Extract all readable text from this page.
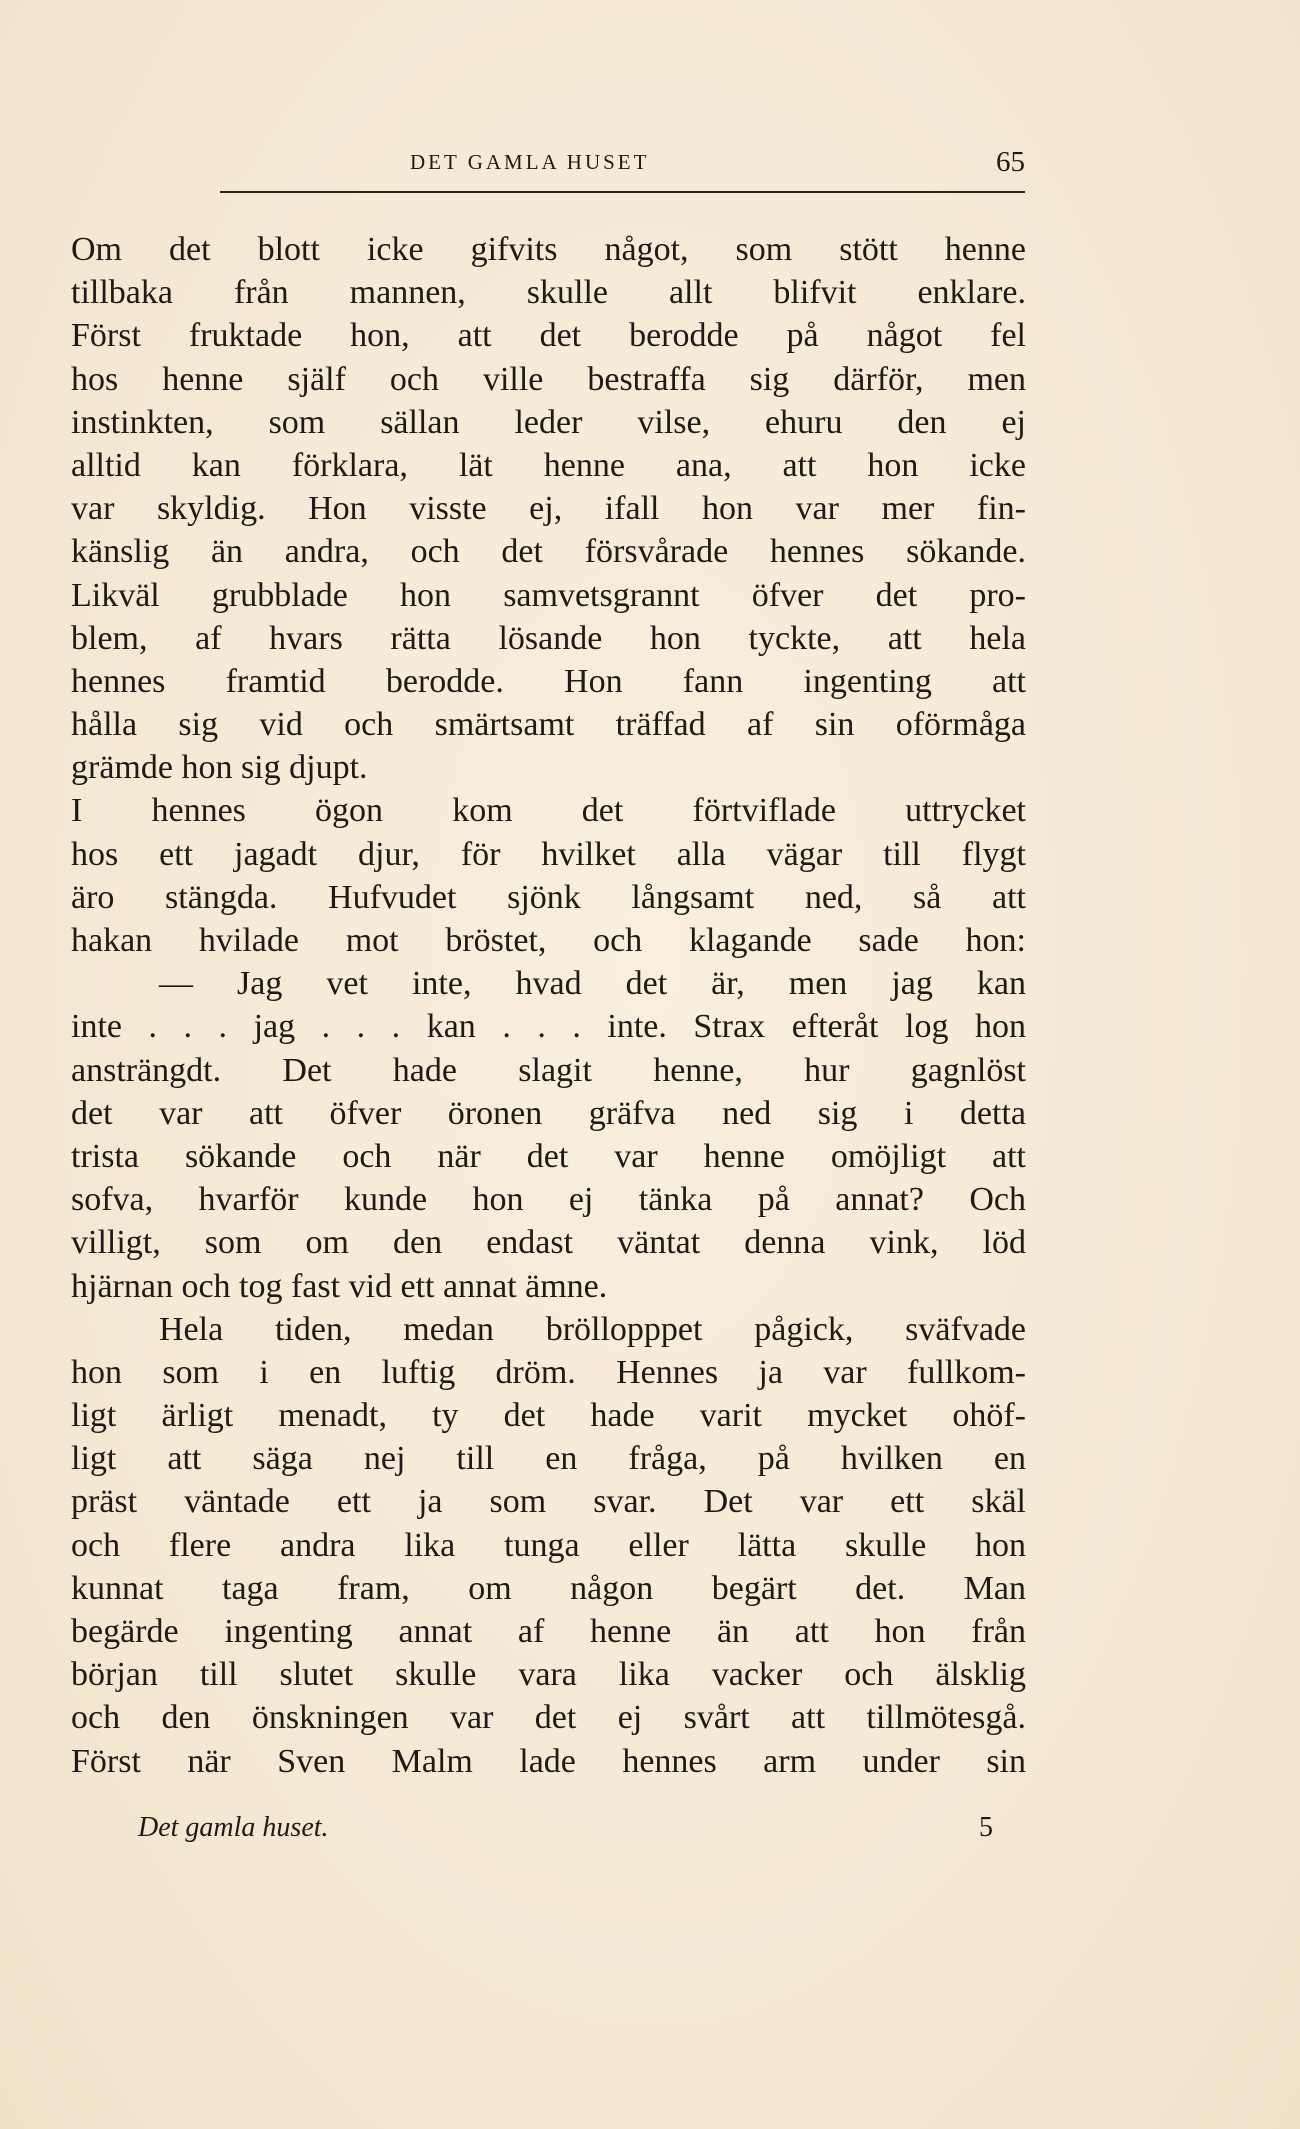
DET GAMLA HUSET	65
Om det blott icke gifvits något, som stött henne
tillbaka från mannen, skulle allt blifvit enklare.
Först fruktade hon, att det berodde på något fel
hos henne själf och ville bestraffa sig därför, men
instinkten, som sällan leder vilse, ehuru den ej
alltid kan förklara, lät henne ana, att hon icke
var skyldig. Hon visste ej, ifall hon var mer fin-
känslig än andra, och det försvårade hennes sökande.
Likväl grubblade hon samvetsgrannt öfver det pro-
blem, af hvars rätta lösande hon tyckte, att hela
hennes framtid berodde. Hon fann ingenting att
hålla sig vid och smärtsamt träffad af sin oförmåga
grämde hon sig djupt.
I hennes ögon kom det förtviflade uttrycket
hos ett jagadt djur, för hvilket alla vägar till flygt
äro stängda. Hufvudet sjönk långsamt ned, så att
hakan hvilade mot bröstet, och klagande sade hon:
— Jag vet inte, hvad det är, men jag kan
inte . . . jag . . . kan . . . inte. Strax efteråt log hon
ansträngdt. Det hade slagit henne, hur gagnlöst
det var att öfver öronen gräfva ned sig i detta
trista sökande och när det var henne omöjligt att
sofva, hvarför kunde hon ej tänka på annat? Och
villigt, som om den endast väntat denna vink, löd
hjärnan och tog fast vid ett annat ämne.
Hela tiden, medan bröllopppet pågick, sväfvade
hon som i en luftig dröm. Hennes ja var fullkom-
ligt ärligt menadt, ty det hade varit mycket ohöf-
ligt att säga nej till en fråga, på hvilken en
präst väntade ett ja som svar. Det var ett skäl
och flere andra lika tunga eller lätta skulle hon
kunnat taga fram, om någon begärt det. Man
begärde ingenting annat af henne än att hon från
början till slutet skulle vara lika vacker och älsklig
och den önskningen var det ej svårt att tillmötesgå.
Först när Sven Malm lade hennes arm under sin
Det gamla huset.	5
